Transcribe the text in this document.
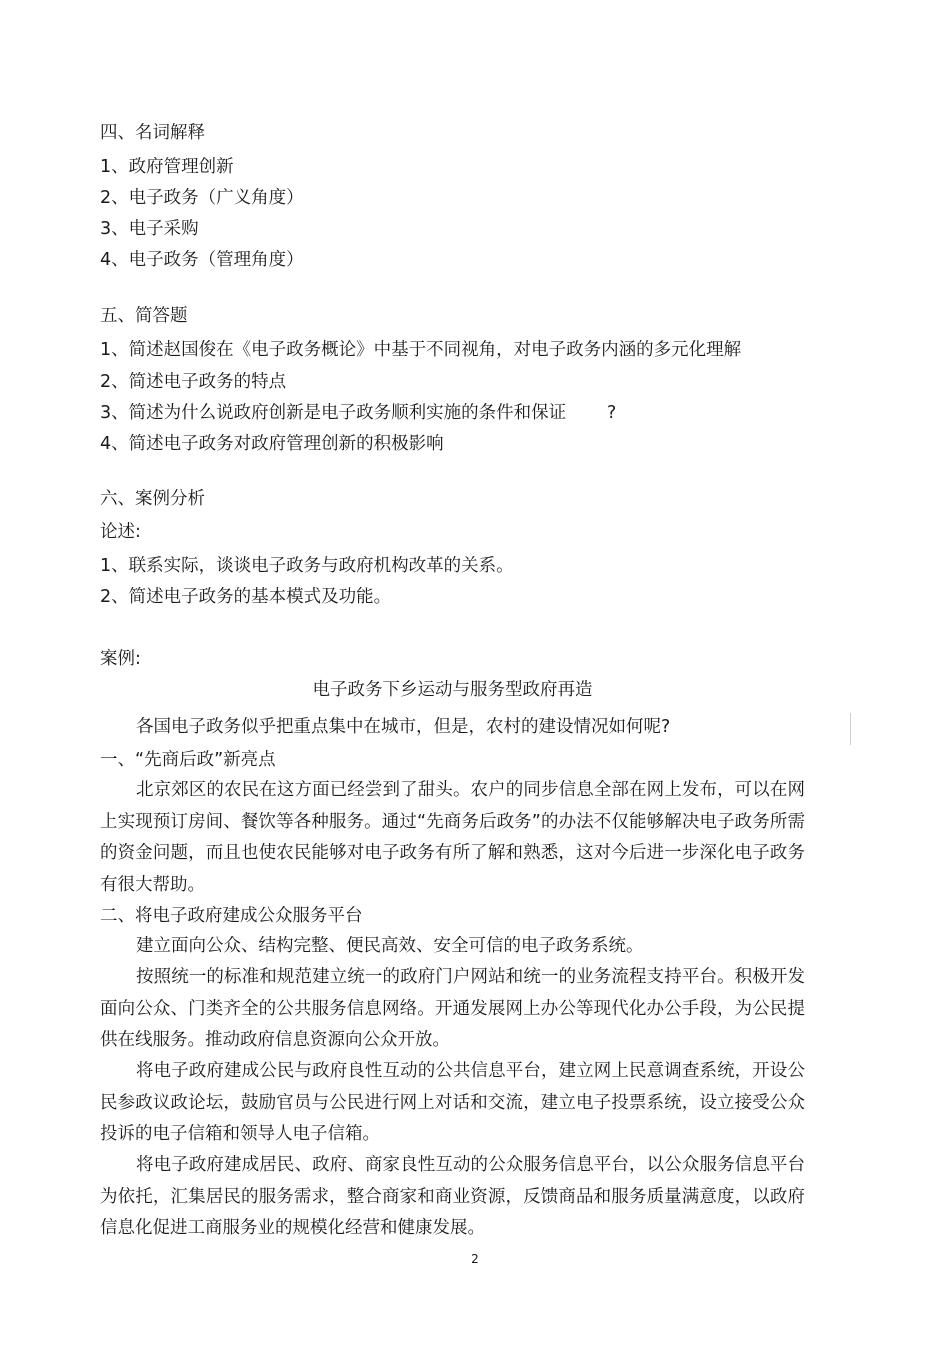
四、名词解释
1、政府管理创新
2、电子政务（广义角度）
3、电子采购
4、电子政务（管理角度）
五、简答题
1、简述赵国俊在《电子政务概论》中基于不同视角，对电子政务内涵的多元化理解
2、简述电子政务的特点
3、简述为什么说政府创新是电子政务顺利实施的条件和保证 ?
4、简述电子政务对政府管理创新的积极影响
六、案例分析
论述:
1、联系实际，谈谈电子政务与政府机构改革的关系。
2、简述电子政务的基本模式及功能。
案例:
电子政务下乡运动与服务型政府再造

各国电子政务似乎把重点集中在城市，但是，农村的建设情况如何呢?

一、“先商后政”新亮点

北京郊区的农民在这方面已经尝到了甜头。农户的同步信息全部在网上发布，可以在网上实现预订房间、餐饮等各种服务。通过“先商务后政务”的办法不仅能够解决电子政务所需的资金问题，而且也使农民能够对电子政务有所了解和熟悉，这对今后进一步深化电子政务有很大帮助。

二、将电子政府建成公众服务平台

建立面向公众、结构完整、便民高效、安全可信的电子政务系统。

按照统一的标准和规范建立统一的政府门户网站和统一的业务流程支持平台。积极开发面向公众、门类齐全的公共服务信息网络。开通发展网上办公等现代化办公手段，为公民提供在线服务。推动政府信息资源向公众开放。

将电子政府建成公民与政府良性互动的公共信息平台，建立网上民意调查系统，开设公民参政议政论坛，鼓励官员与公民进行网上对话和交流，建立电子投票系统，设立接受公众投诉的电子信箱和领导人电子信箱。

将电子政府建成居民、政府、商家良性互动的公众服务信息平台，以公众服务信息平台为依托，汇集居民的服务需求，整合商家和商业资源，反馈商品和服务质量满意度，以政府信息化促进工商服务业的规模化经营和健康发展。

2
